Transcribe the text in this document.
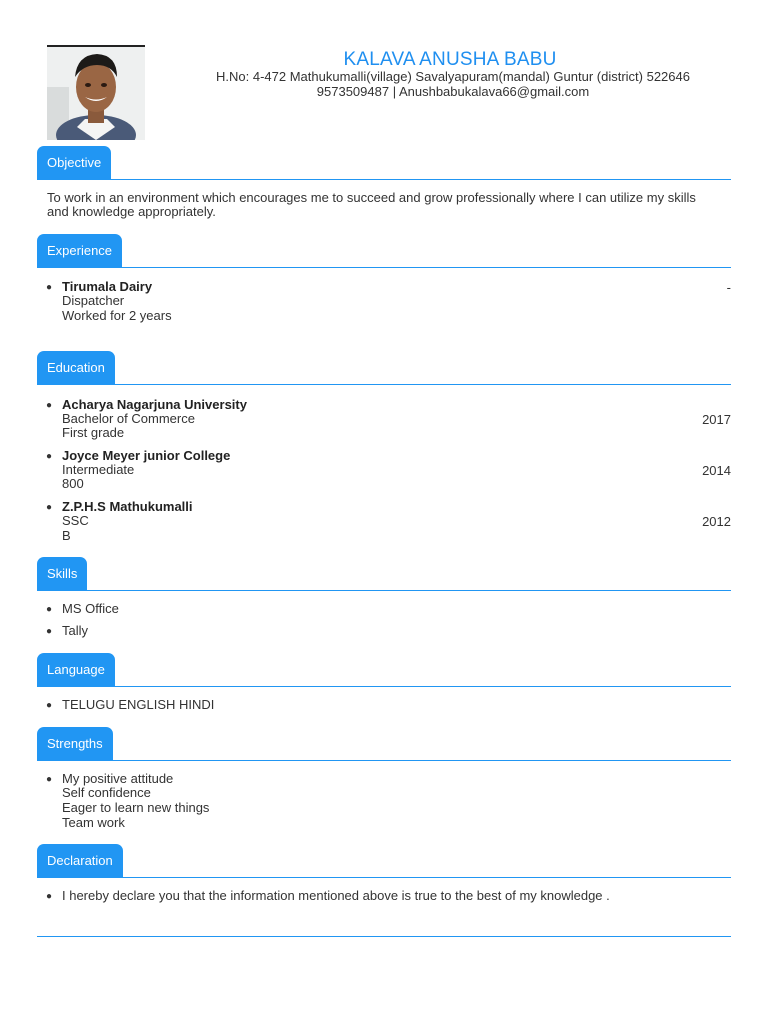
KALAVA ANUSHA BABU
H.No: 4-472 Mathukumalli(village) Savalyapuram(mandal) Guntur (district) 522646
9573509487 | Anushbabukalava66@gmail.com
Objective
To work in an environment which encourages me to succeed and grow professionally where I can utilize my skills
and knowledge appropriately.
Experience
● Tirumala Dairy	-
Dispatcher
Worked for 2 years
Education
● Acharya Nagarjuna University
Bachelor of Commerce	2017
First grade
● Joyce Meyer junior College
Intermediate	2014
800
● Z.P.H.S Mathukumalli
SSC	2012
B
Skills
● MS Office
● Tally
Language
● TELUGU ENGLISH HINDI
Strengths
● My positive attitude
Self confidence
Eager to learn new things
Team work
Declaration
● I hereby declare you that the information mentioned above is true to the best of my knowledge .
